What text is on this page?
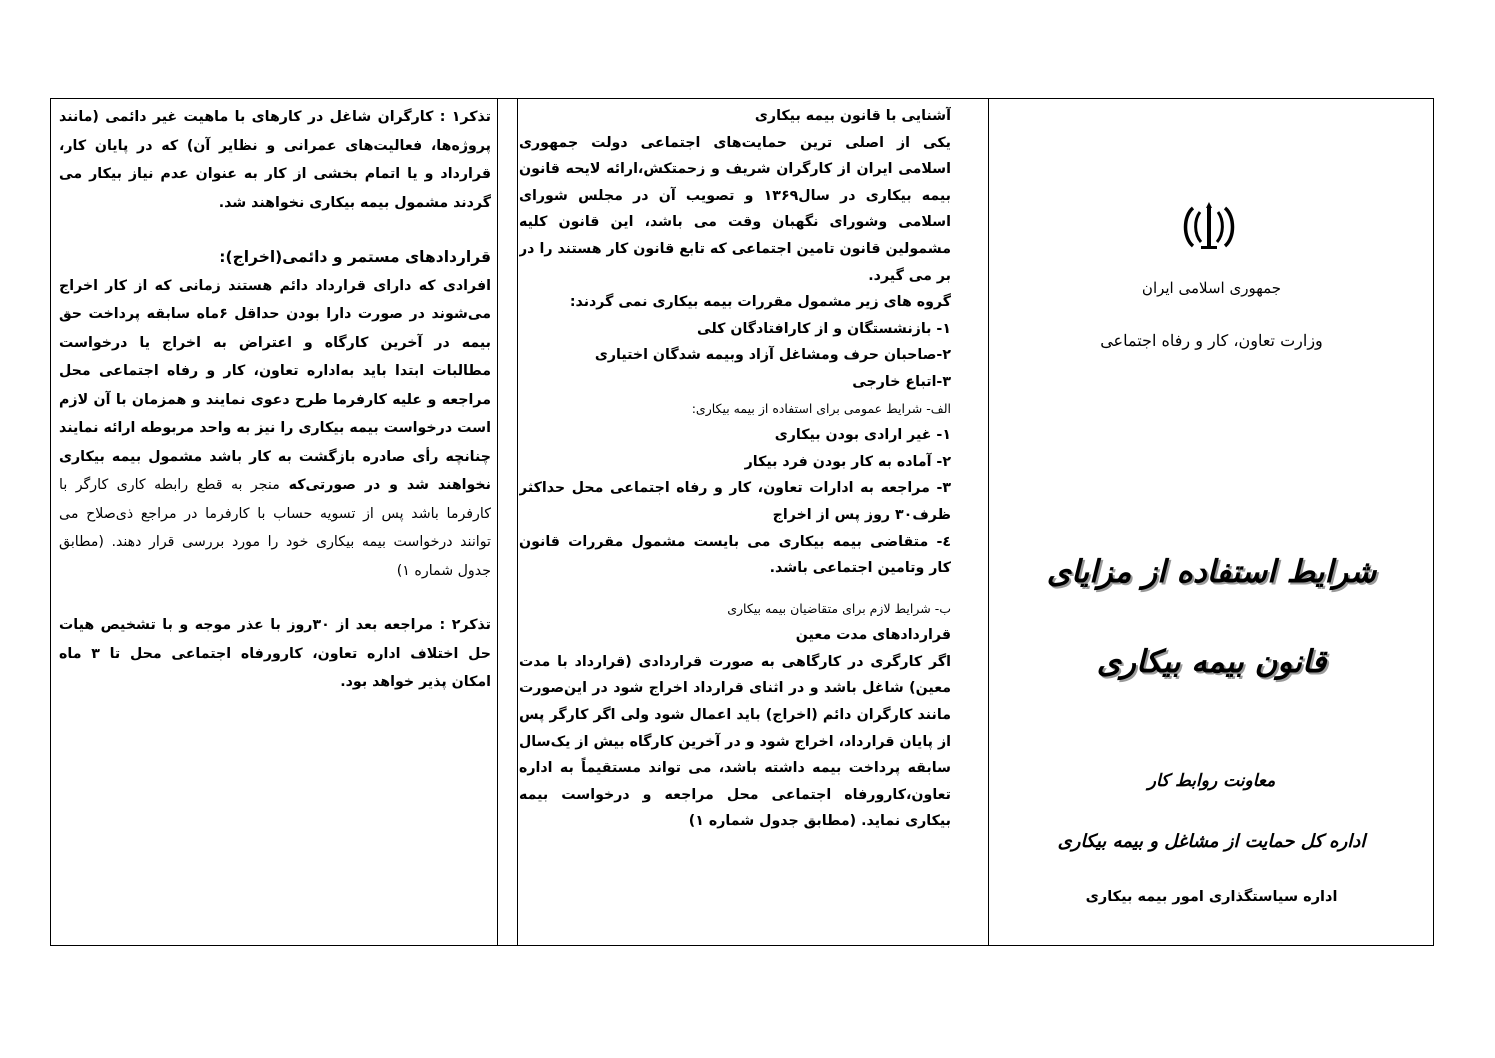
تذکر۱ : کارگران شاغل در کارهای با ماهیت غیر دائمی (مانند پروژه‌ها، فعالیت‌های عمرانی و نظایر آن) که در پایان کار، قرارداد و یا اتمام بخشی از کار به عنوان عدم نیاز بیکار می گردند مشمول بیمه بیکاری نخواهند شد.

قراردادهای مستمر و دائمی(اخراج):

افرادی که دارای قرارداد دائم هستند زمانی که از کار اخراج می‌شوند در صورت دارا بودن حداقل ۶ماه سابقه پرداخت حق بیمه در آخرین کارگاه و اعتراض به اخراج یا درخواست مطالبات ابتدا باید به‌اداره تعاون، کار و رفاه اجتماعی محل مراجعه و علیه کارفرما طرح دعوی نمایند و همزمان با آن لازم است درخواست بیمه بیکاری را نیز به واحد مربوطه ارائه نمایند چنانچه رأی صادره بازگشت به کار باشد مشمول بیمه بیکاری نخواهند شد و در صورتی‌که منجر به قطع رابطه کاری کارگر با کارفرما باشد پس از تسویه حساب با کارفرما در مراجع ذی‌صلاح می توانند درخواست بیمه بیکاری خود را مورد بررسی قرار دهند. (مطابق جدول شماره ۱)

تذکر۲ : مراجعه بعد از ۳۰روز با عذر موجه و با تشخیص هیات حل اختلاف اداره تعاون، کارورفاه اجتماعی محل تا ۳ ماه امکان پذیر خواهد بود.

آشنایی با قانون بیمه بیکاری

یکی از اصلی ترین حمایت‌های اجتماعی دولت جمهوری اسلامی ایران از کارگران شریف و زحمتکش،ارائه لایحه قانون بیمه بیکاری در سال۱۳۶۹ و تصویب آن در مجلس شورای اسلامی وشورای نگهبان وقت می باشد، این قانون کلیه مشمولین قانون تامین اجتماعی که تابع قانون کار هستند را در بر می گیرد.

گروه های زیر مشمول مقررات بیمه بیکاری نمی گردند:

۱- بازنشستگان و از کارافتادگان کلی

۲-صاحبان حرف ومشاغل آزاد وبیمه شدگان اختیاری

۳-اتباع خارجی

الف- شرایط عمومی برای استفاده از بیمه بیکاری:

۱- غیر ارادی بودن بیکاری

۲- آماده به کار بودن فرد بیکار

۳- مراجعه به ادارات تعاون، کار و رفاه اجتماعی محل حداکثر ظرف۳۰ روز پس از اخراج

٤- متقاضی بیمه بیکاری می بایست مشمول مقررات قانون کار وتامین اجتماعی باشد.

ب- شرایط لازم برای متقاضیان بیمه بیکاری

قراردادهای مدت معین

اگر کارگری در کارگاهی به صورت قراردادی (قرارداد با مدت معین) شاغل باشد و در اثنای قرارداد اخراج شود در این‌صورت مانند کارگران دائم (اخراج) باید اعمال شود ولی اگر کارگر پس از پایان قرارداد، اخراج شود و در آخرین کارگاه بیش از یک‌سال سابقه پرداخت بیمه داشته باشد، می تواند مستقیماً به اداره تعاون،کارورفاه اجتماعی محل مراجعه و درخواست بیمه بیکاری نماید. (مطابق جدول شماره ۱)

جمهوری اسلامی ایران
وزارت تعاون، کار و رفاه اجتماعی
شرایط استفاده از مزایای
قانون بیمه بیکاری
معاونت روابط کار
اداره کل حمایت از مشاغل و بیمه بیکاری
اداره سیاستگذاری امور بیمه بیکاری
